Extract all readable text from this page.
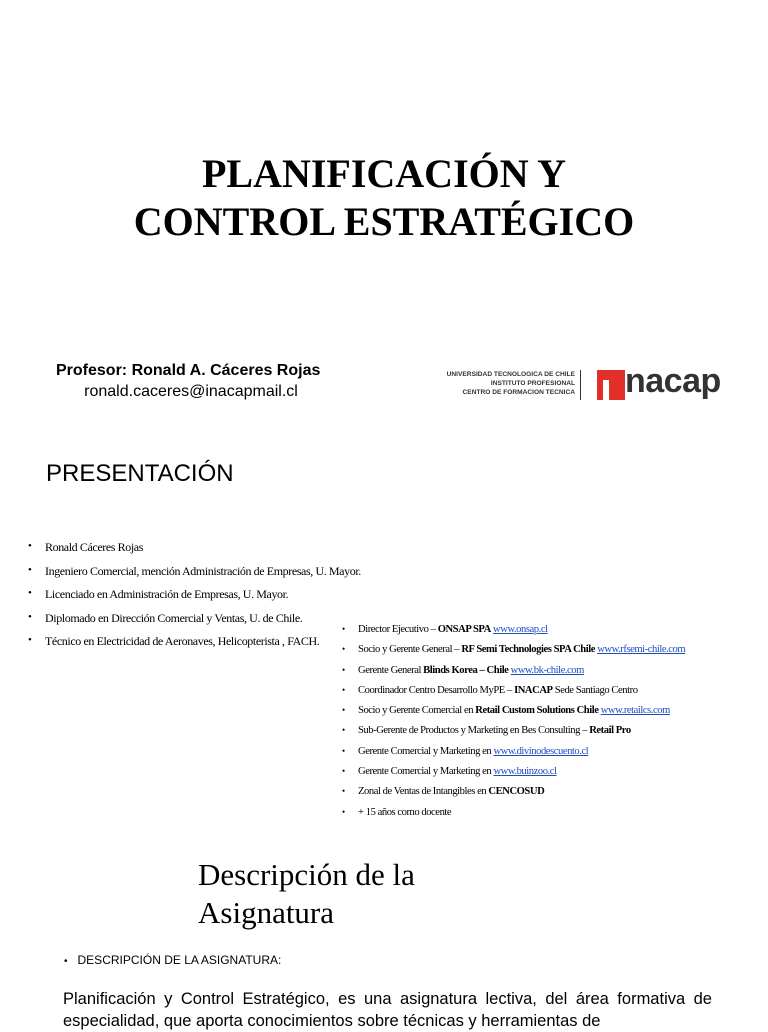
PLANIFICACIÓN Y
CONTROL ESTRATÉGICO
Profesor: Ronald A. Cáceres Rojas
ronald.caceres@inacapmail.cl
UNIVERSIDAD TECNOLOGICA DE CHILE
INSTITUTO PROFESIONAL
CENTRO DE FORMACION TECNICA nacap
PRESENTACIÓN
• Ronald Cáceres Rojas
• Ingeniero Comercial, mención Administración de Empresas, U. Mayor.
• Licenciado en Administración de Empresas, U. Mayor.
• Diplomado en Dirección Comercial y Ventas, U. de Chile.
• Técnico en Electricidad de Aeronaves, Helicopterista , FACH.
• Director Ejecutivo – ONSAP SPA www.onsap.cl
• Socio y Gerente General – RF Semi Technologies SPA Chile www.rfsemi-chile.com
• Gerente General Blinds Korea – Chile www.bk-chile.com
• Coordinador Centro Desarrollo MyPE – INACAP Sede Santiago Centro
• Socio y Gerente Comercial en Retail Custom Solutions Chile www.retailcs.com
• Sub-Gerente de Productos y Marketing en Bes Consulting – Retail Pro
• Gerente Comercial y Marketing en www.divinodescuento.cl
• Gerente Comercial y Marketing en www.buinzoo.cl
• Zonal de Ventas de Intangibles en CENCOSUD
• + 15 años como docente
Descripción de la
Asignatura
• DESCRIPCIÓN DE LA ASIGNATURA:
Planificación y Control Estratégico, es una asignatura lectiva, del área formativa de especialidad, que aporta conocimientos sobre técnicas y herramientas de
